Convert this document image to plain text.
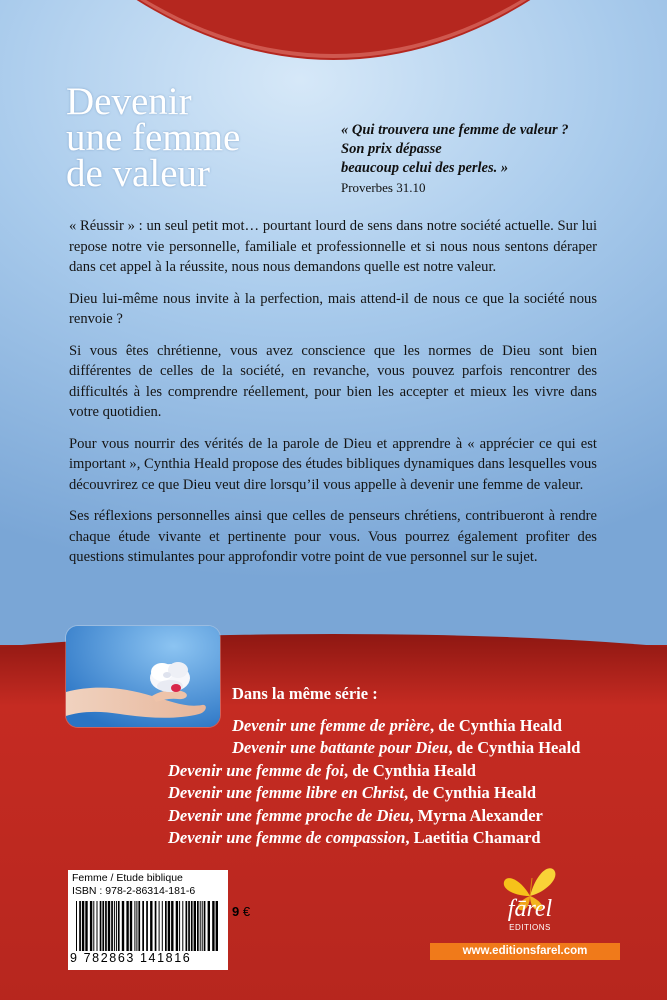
Devenir
une femme
de valeur
« Qui trouvera une femme de valeur ?
Son prix dépasse
beaucoup celui des perles. »
Proverbes 31.10

« Réussir » : un seul petit mot… pourtant lourd de sens dans notre société actuelle. Sur lui repose notre vie personnelle, familiale et professionnelle et si nous nous sentons déraper dans cet appel à la réussite, nous nous demandons quelle est notre valeur.

Dieu lui-même nous invite à la perfection, mais attend-il de nous ce que la société nous renvoie ?

Si vous êtes chrétienne, vous avez conscience que les normes de Dieu sont bien différentes de celles de la société, en revanche, vous pouvez parfois rencontrer des difficultés à les comprendre réellement, pour bien les accepter et mieux les vivre dans votre quotidien.

Pour vous nourrir des vérités de la parole de Dieu et apprendre à « apprécier ce qui est important », Cynthia Heald propose des études bibliques dynamiques dans lesquelles vous découvrirez ce que Dieu veut dire lorsqu’il vous appelle à devenir une femme de valeur.

Ses réflexions personnelles ainsi que celles de penseurs chrétiens, contribueront à rendre chaque étude vivante et pertinente pour vous. Vous pourrez également profiter des questions stimulantes pour approfondir votre point de vue personnel sur le sujet.

Dans la même série :
Devenir une femme de prière, de Cynthia Heald
Devenir une battante pour Dieu, de Cynthia Heald
Devenir une femme de foi, de Cynthia Heald
Devenir une femme libre en Christ, de Cynthia Heald
Devenir une femme proche de Dieu, Myrna Alexander
Devenir une femme de compassion, Laetitia Chamard
Femme / Etude biblique
ISBN : 978-2-86314-181-6
9 782863 141816
9 €	fārel
EDITIONS
www.editionsfarel.com
